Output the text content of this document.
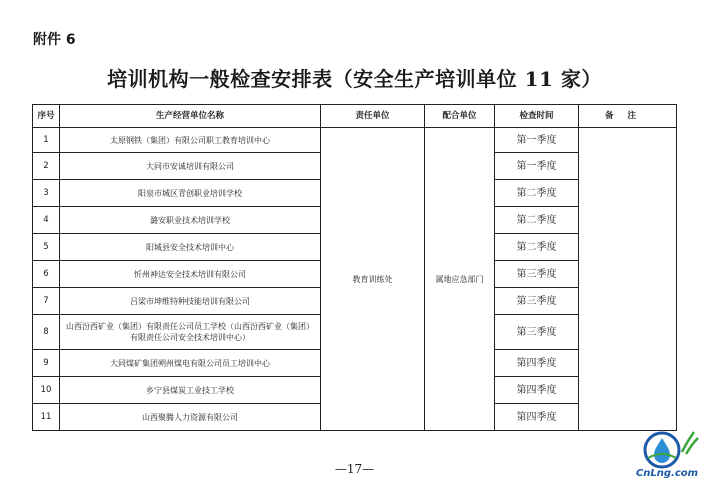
附件 6
培训机构一般检查安排表（安全生产培训单位 11 家）
序号	生产经营单位名称	责任单位	配合单位	检查时间	备注
1	太原钢铁（集团）有限公司职工教育培训中心	教育训练处	属地应急部门	第一季度	
2	大同市安诚培训有限公司			第一季度	
3	阳泉市城区青创职业培训学校			第二季度	
4	潞安职业技术培训学校			第二季度	
5	阳城县安全技术培训中心			第二季度	
6	忻州神达安全技术培训有限公司			第三季度	
7	吕梁市坤维特种技能培训有限公司			第三季度	
8	山西汾西矿业（集团）有限责任公司员工学校（山西汾西矿业（集团）有限责任公司安全技术培训中心）			第三季度	
9	大同煤矿集团朔州煤电有限公司员工培训中心			第四季度	
10	乡宁县煤炭工业技工学校			第四季度	
11	山西聚腾人力资源有限公司			第四季度	
—17—	CnLng.com
